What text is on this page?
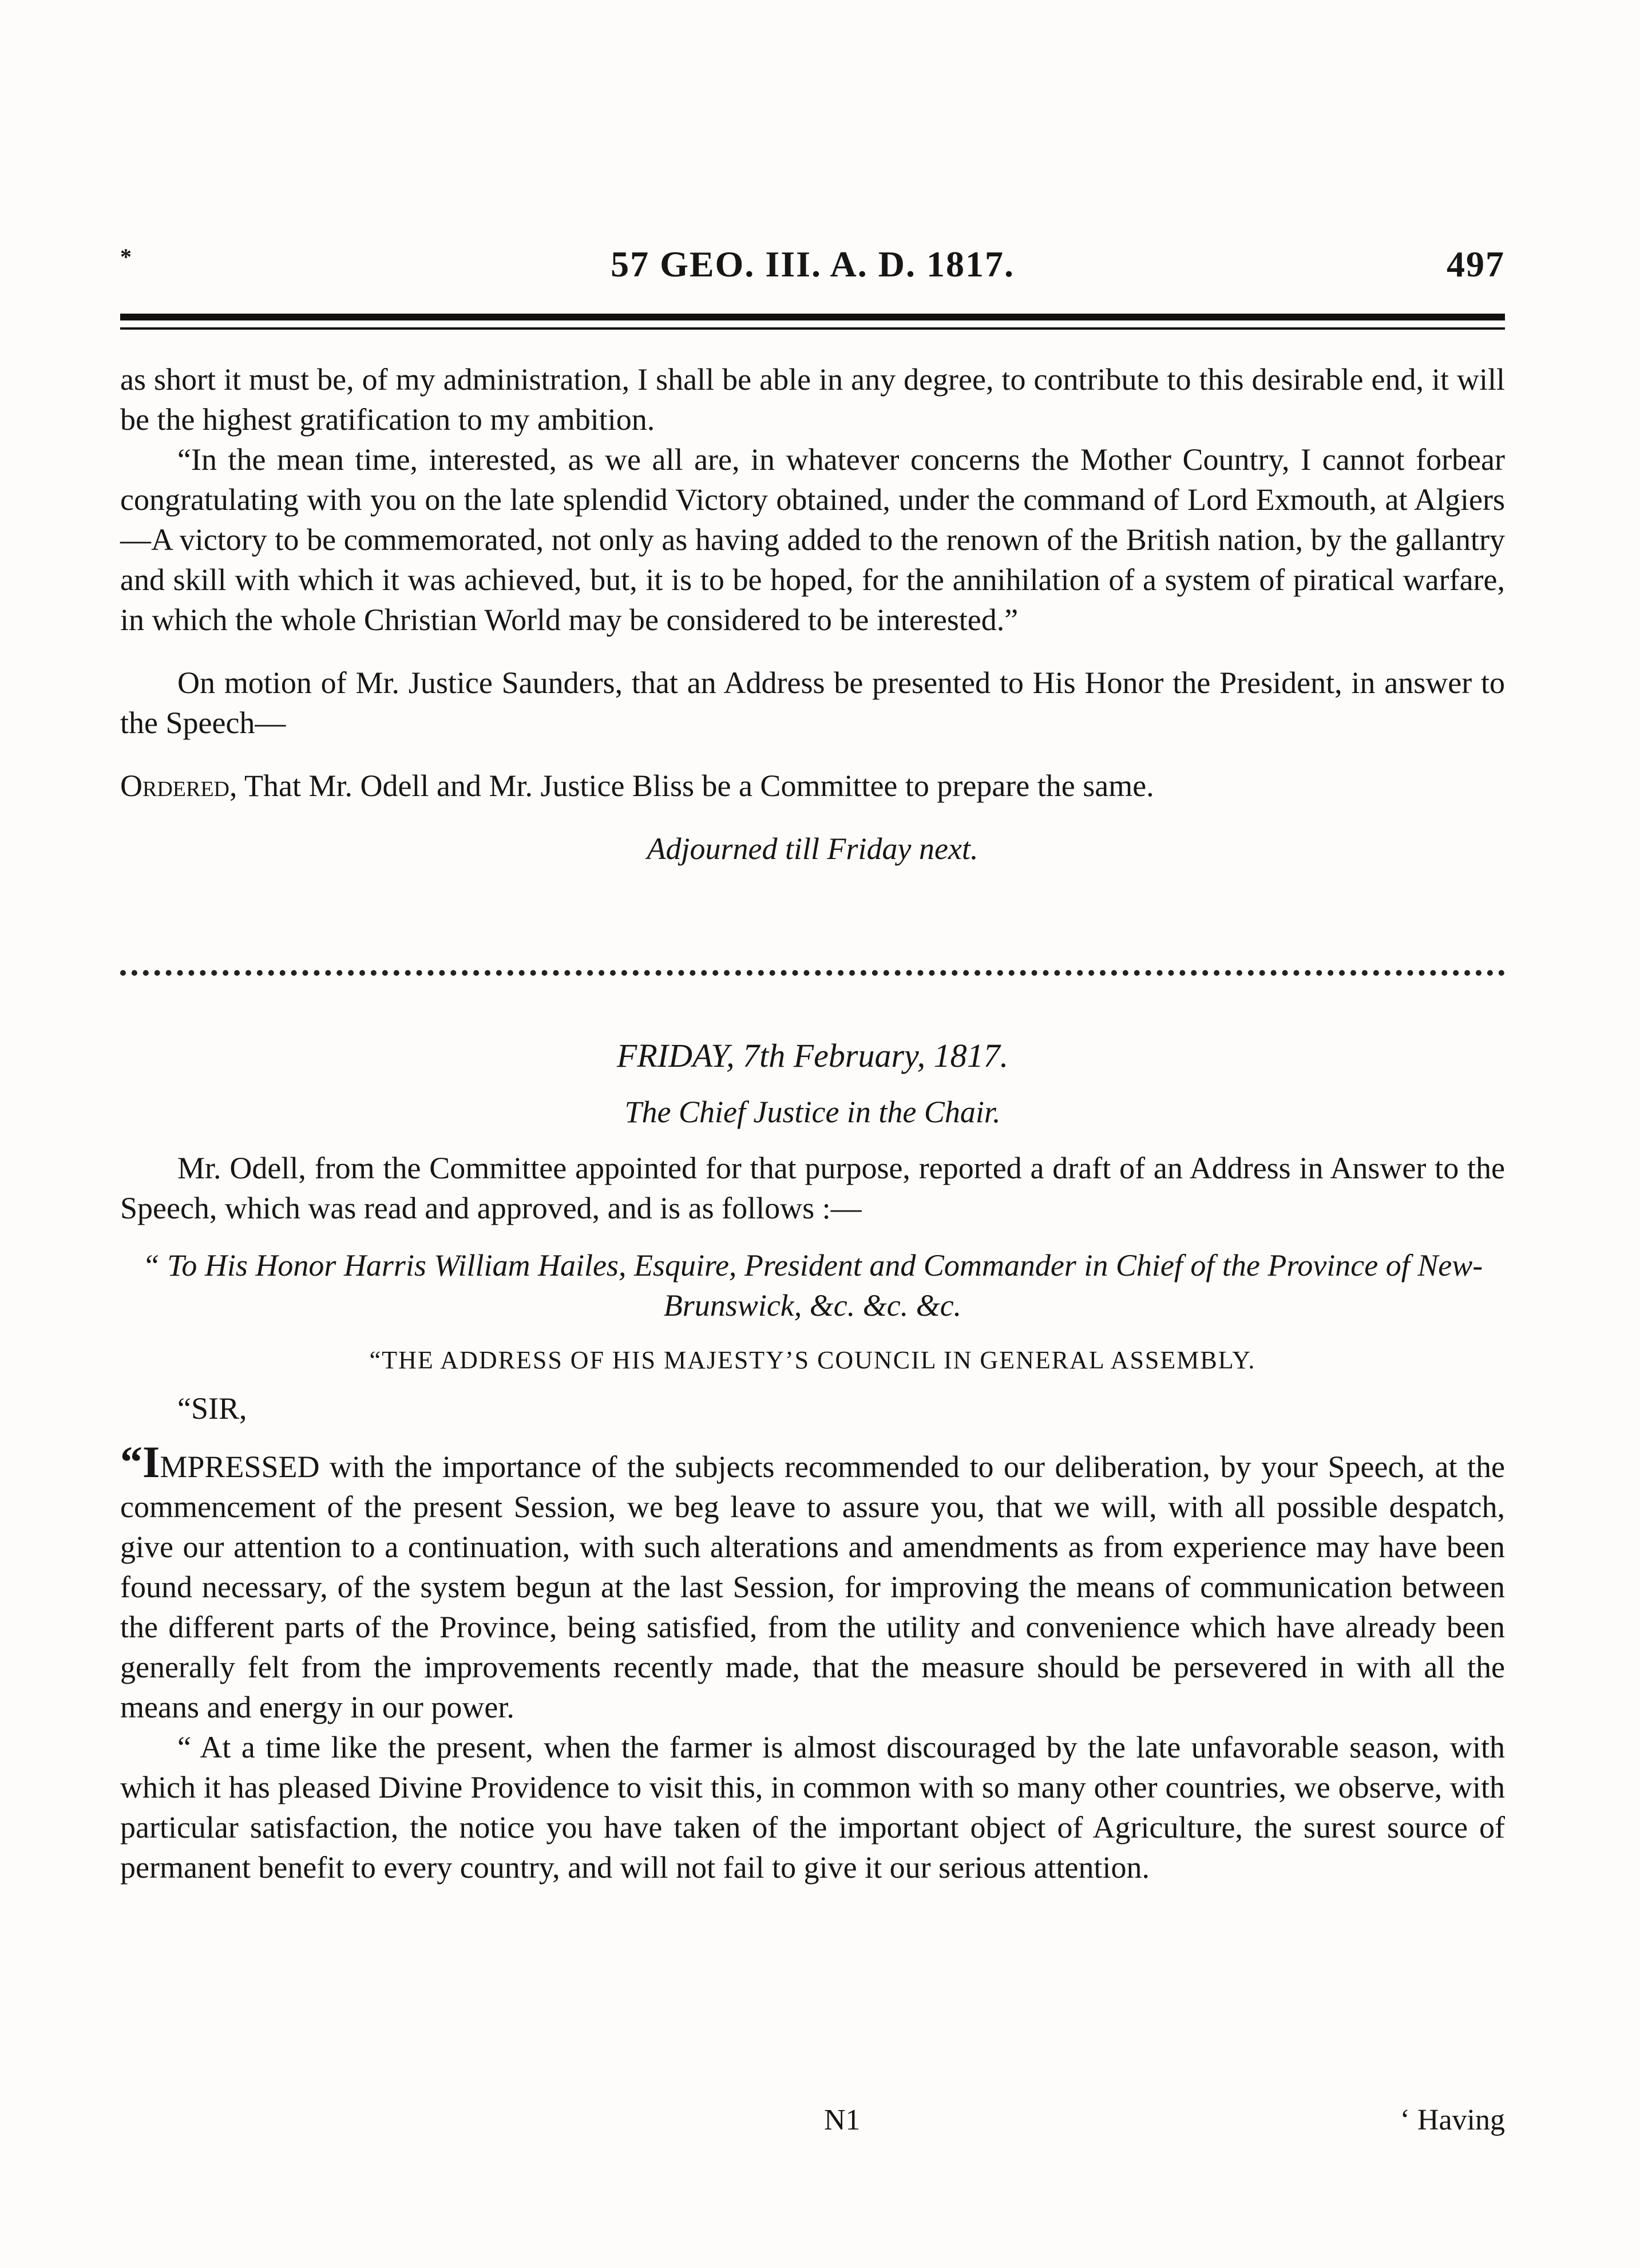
*	57 GEO. III. A. D. 1817.	497

as short it must be, of my administration, I shall be able in any degree, to contribute to this desirable end, it will be the highest gratification to my ambition.

“In the mean time, interested, as we all are, in whatever concerns the Mother Country, I cannot forbear congratulating with you on the late splendid Victory obtained, under the command of Lord Exmouth, at Algiers—A victory to be commemorated, not only as having added to the renown of the British nation, by the gallantry and skill with which it was achieved, but, it is to be hoped, for the annihilation of a system of piratical warfare, in which the whole Christian World may be considered to be interested.”

On motion of Mr. Justice Saunders, that an Address be presented to His Honor the President, in answer to the Speech—

Ordered, That Mr. Odell and Mr. Justice Bliss be a Committee to prepare the same.

Adjourned till Friday next.

FRIDAY, 7th February, 1817.

The Chief Justice in the Chair.

Mr. Odell, from the Committee appointed for that purpose, reported a draft of an Address in Answer to the Speech, which was read and approved, and is as follows :—

“ To His Honor Harris William Hailes, Esquire, President and Commander in Chief of the Province of New-Brunswick, &c. &c. &c.

“THE ADDRESS OF HIS MAJESTY’S COUNCIL IN GENERAL ASSEMBLY.

“SIR,

“IMPRESSED with the importance of the subjects recommended to our deliberation, by your Speech, at the commencement of the present Session, we beg leave to assure you, that we will, with all possible despatch, give our attention to a continuation, with such alterations and amendments as from experience may have been found necessary, of the system begun at the last Session, for improving the means of communication between the different parts of the Province, being satisfied, from the utility and convenience which have already been generally felt from the improvements recently made, that the measure should be persevered in with all the means and energy in our power.

“ At a time like the present, when the farmer is almost discouraged by the late unfavorable season, with which it has pleased Divine Providence to visit this, in common with so many other countries, we observe, with particular satisfaction, the notice you have taken of the important object of Agriculture, the surest source of permanent benefit to every country, and will not fail to give it our serious attention.

N1	‘ Having
